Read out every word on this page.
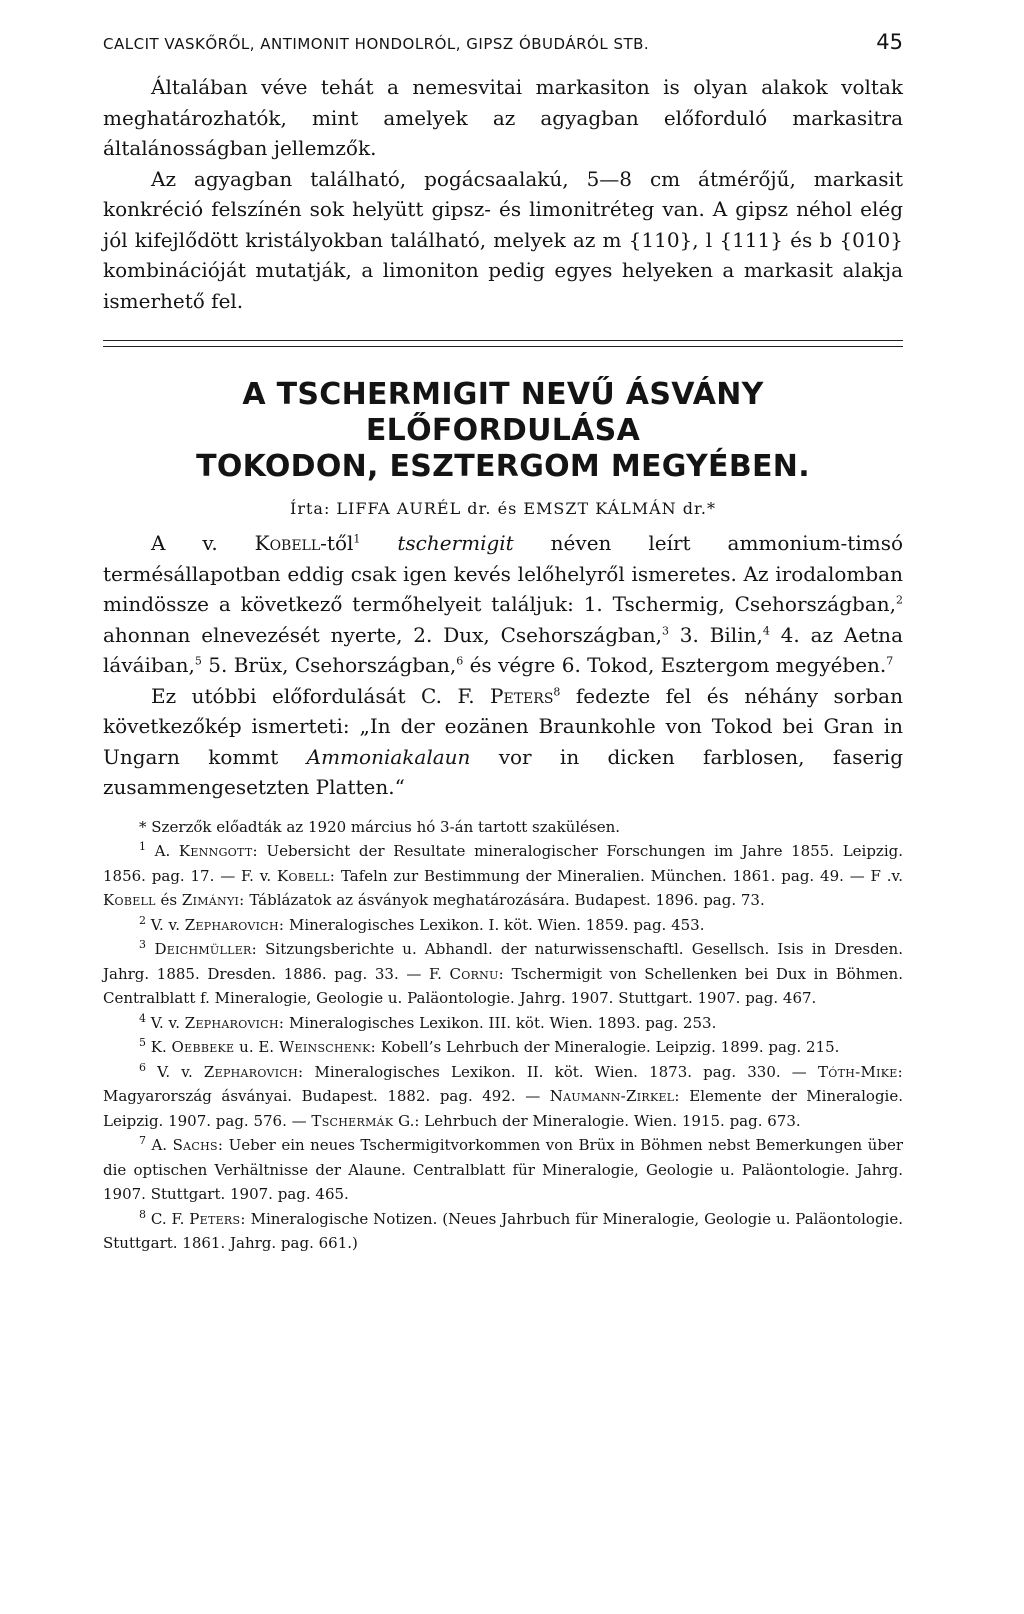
CALCIT VASKŐRŐL, ANTIMONIT HONDOLRÓL, GIPSZ ÓBUDÁRÓL STB.	45

Általában véve tehát a nemesvitai markasiton is olyan alakok voltak meghatározhatók, mint amelyek az agyagban előforduló markasitra általánosságban jellemzők.

Az agyagban található, pogácsaalakú, 5—8 cm átmérőjű, markasit konkréció felszínén sok helyütt gipsz- és limonitréteg van. A gipsz néhol elég jól kifejlődött kristályokban található, melyek az m {110}, l {111} és b {010} kombinációját mutatják, a limoniton pedig egyes helyeken a markasit alakja ismerhető fel.

A TSCHERMIGIT NEVŰ ÁSVÁNY ELŐFORDULÁSA
TOKODON, ESZTERGOM MEGYÉBEN.
Írta: LIFFA AURÉL dr. és EMSZT KÁLMÁN dr.*

A v. Kobell-től$^1$ tschermigit néven leírt ammonium-timsó termésállapotban eddig csak igen kevés lelőhelyről ismeretes. Az irodalomban mindössze a következő termőhelyeit találjuk: 1. Tschermig, Csehországban,$^2$ ahonnan elnevezését nyerte, 2. Dux, Csehországban,$^3$ 3. Bilin,$^4$ 4. az Aetna láváiban,$^5$ 5. Brüx, Csehországban,$^6$ és végre 6. Tokod, Esztergom megyében.$^7$

Ez utóbbi előfordulását C. F. Peters$^8$ fedezte fel és néhány sorban következőkép ismerteti: „In der eozänen Braunkohle von Tokod bei Gran in Ungarn kommt Ammoniakalaun vor in dicken farblosen, faserig zusammengesetzten Platten.“

* Szerzők előadták az 1920 március hó 3-án tartott szakülésen.

$^1$ A. Kenngott: Uebersicht der Resultate mineralogischer Forschungen im Jahre 1855. Leipzig. 1856. pag. 17. — F. v. Kobell: Tafeln zur Bestimmung der Mineralien. München. 1861. pag. 49. — F .v. Kobell és Zimányi: Táblázatok az ásványok meghatározására. Budapest. 1896. pag. 73.

$^2$ V. v. Zepharovich: Mineralogisches Lexikon. I. köt. Wien. 1859. pag. 453.

$^3$ Deichmüller: Sitzungsberichte u. Abhandl. der naturwissenschaftl. Gesellsch. Isis in Dresden. Jahrg. 1885. Dresden. 1886. pag. 33. — F. Cornu: Tschermigit von Schellenken bei Dux in Böhmen. Centralblatt f. Mineralogie, Geologie u. Paläontologie. Jahrg. 1907. Stuttgart. 1907. pag. 467.

$^4$ V. v. Zepharovich: Mineralogisches Lexikon. III. köt. Wien. 1893. pag. 253.

$^5$ K. Oebbeke u. E. Weinschenk: Kobell’s Lehrbuch der Mineralogie. Leipzig. 1899. pag. 215.

$^6$ V. v. Zepharovich: Mineralogisches Lexikon. II. köt. Wien. 1873. pag. 330. — Tóth-Mike: Magyarország ásványai. Budapest. 1882. pag. 492. — Naumann-Zirkel: Elemente der Mineralogie. Leipzig. 1907. pag. 576. — Tschermák G.: Lehrbuch der Mineralogie. Wien. 1915. pag. 673.

$^7$ A. Sachs: Ueber ein neues Tschermigitvorkommen von Brüx in Böhmen nebst Bemerkungen über die optischen Verhältnisse der Alaune. Centralblatt für Mineralogie, Geologie u. Paläontologie. Jahrg. 1907. Stuttgart. 1907. pag. 465.

$^8$ C. F. Peters: Mineralogische Notizen. (Neues Jahrbuch für Mineralogie, Geologie u. Paläontologie. Stuttgart. 1861. Jahrg. pag. 661.)
